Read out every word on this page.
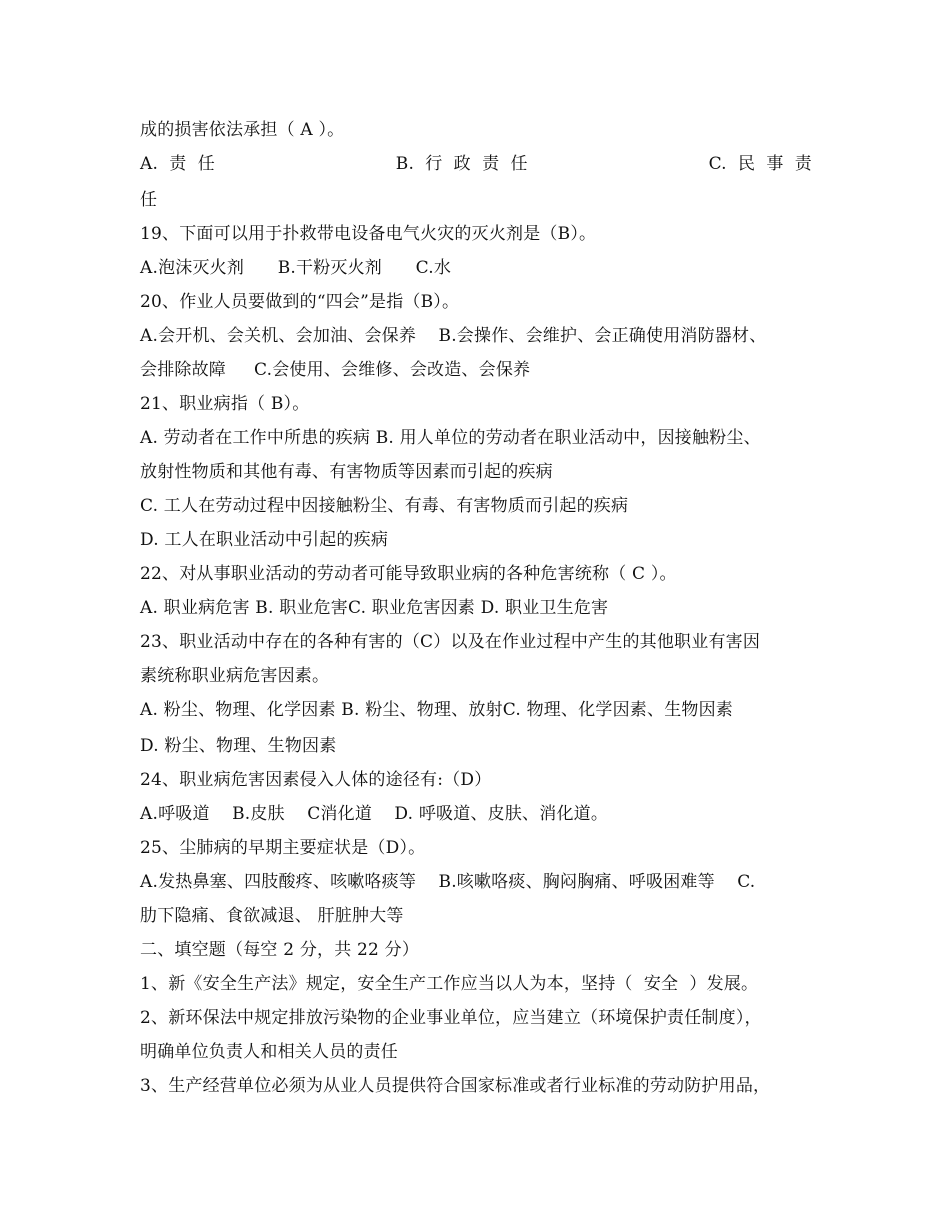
成的损害依法承担（ A ）。
A.  责  任	B.  行  政  责  任	C.  民  事  责
任
19、下面可以用于扑救带电设备电气火灾的灭火剂是（B）。
A.泡沫灭火剂      B.干粉灭火剂      C.水
20、作业人员要做到的“四会”是指（B）。
A.会开机、会关机、会加油、会保养    B.会操作、会维护、会正确使用消防器材、
会排除故障     C.会使用、会维修、会改造、会保养
21、职业病指（ B）。
A. 劳动者在工作中所患的疾病 B. 用人单位的劳动者在职业活动中，因接触粉尘、
放射性物质和其他有毒、有害物质等因素而引起的疾病
C. 工人在劳动过程中因接触粉尘、有毒、有害物质而引起的疾病
D. 工人在职业活动中引起的疾病
22、对从事职业活动的劳动者可能导致职业病的各种危害统称（ C ）。
A. 职业病危害 B. 职业危害C. 职业危害因素 D. 职业卫生危害
23、职业活动中存在的各种有害的（C）以及在作业过程中产生的其他职业有害因
素统称职业病危害因素。
A. 粉尘、物理、化学因素 B. 粉尘、物理、放射C. 物理、化学因素、生物因素
D. 粉尘、物理、生物因素
24、职业病危害因素侵入人体的途径有:（D）
A.呼吸道    B.皮肤    C消化道    D. 呼吸道、皮肤、消化道。
25、尘肺病的早期主要症状是（D）。
A.发热鼻塞、四肢酸疼、咳嗽咯痰等    B.咳嗽咯痰、胸闷胸痛、呼吸困难等    C.
肋下隐痛、食欲减退、 肝脏肿大等
二、填空题（每空 2 分，共 22 分）
1、新《安全生产法》规定，安全生产工作应当以人为本，坚持（  安全  ）发展。
2、新环保法中规定排放污染物的企业事业单位，应当建立（环境保护责任制度），
明确单位负责人和相关人员的责任
3、生产经营单位必须为从业人员提供符合国家标准或者行业标准的劳动防护用品，
